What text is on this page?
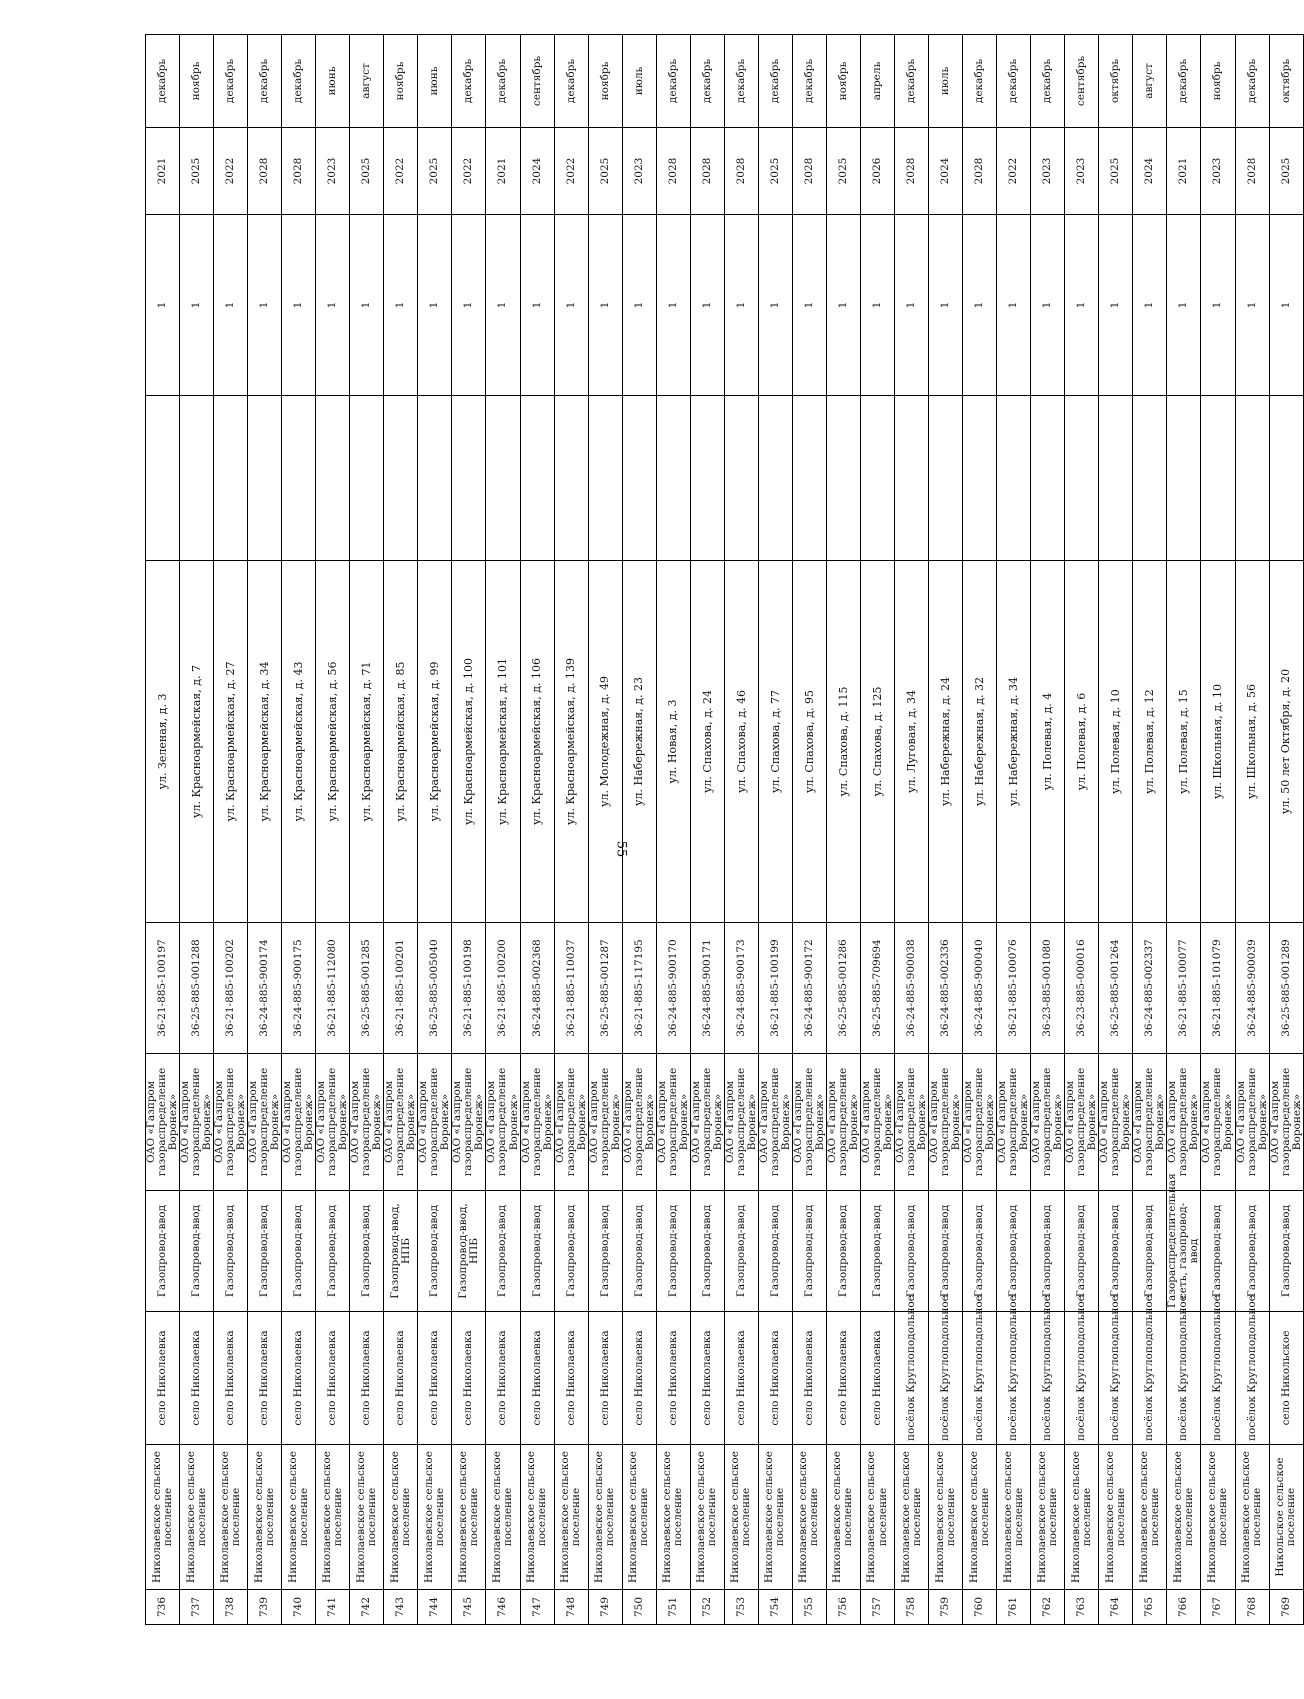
55
736	Николаевское сельское поселение	село Николаевка	Газопровод-ввод	ОАО «Газпром газораспределение Воронеж»	36-21-885-100197	ул. Зеленая, д. 3		1	2021	декабрь
737	Николаевское сельское поселение	село Николаевка	Газопровод-ввод	ОАО «Газпром газораспределение Воронеж»	36-25-885-001288	ул. Красноармейская, д. 7		1	2025	ноябрь
738	Николаевское сельское поселение	село Николаевка	Газопровод-ввод	ОАО «Газпром газораспределение Воронеж»	36-21-885-100202	ул. Красноармейская, д. 27		1	2022	декабрь
739	Николаевское сельское поселение	село Николаевка	Газопровод-ввод	ОАО «Газпром газораспределение Воронеж»	36-24-885-900174	ул. Красноармейская, д. 34		1	2028	декабрь
740	Николаевское сельское поселение	село Николаевка	Газопровод-ввод	ОАО «Газпром газораспределение Воронеж»	36-24-885-900175	ул. Красноармейская, д. 43		1	2028	декабрь
741	Николаевское сельское поселение	село Николаевка	Газопровод-ввод	ОАО «Газпром газораспределение Воронеж»	36-21-885-112080	ул. Красноармейская, д. 56		1	2023	июнь
742	Николаевское сельское поселение	село Николаевка	Газопровод-ввод	ОАО «Газпром газораспределение Воронеж»	36-25-885-001285	ул. Красноармейская, д. 71		1	2025	август
743	Николаевское сельское поселение	село Николаевка	Газопровод-ввод, НПБ	ОАО «Газпром газораспределение Воронеж»	36-21-885-100201	ул. Красноармейская, д. 85		1	2022	ноябрь
744	Николаевское сельское поселение	село Николаевка	Газопровод-ввод	ОАО «Газпром газораспределение Воронеж»	36-25-885-005040	ул. Красноармейская, д. 99		1	2025	июнь
745	Николаевское сельское поселение	село Николаевка	Газопровод-ввод, НПБ	ОАО «Газпром газораспределение Воронеж»	36-21-885-100198	ул. Красноармейская, д. 100		1	2022	декабрь
746	Николаевское сельское поселение	село Николаевка	Газопровод-ввод	ОАО «Газпром газораспределение Воронеж»	36-21-885-100200	ул. Красноармейская, д. 101		1	2021	декабрь
747	Николаевское сельское поселение	село Николаевка	Газопровод-ввод	ОАО «Газпром газораспределение Воронеж»	36-24-885-002368	ул. Красноармейская, д. 106		1	2024	сентябрь
748	Николаевское сельское поселение	село Николаевка	Газопровод-ввод	ОАО «Газпром газораспределение Воронеж»	36-21-885-110037	ул. Красноармейская, д. 139		1	2022	декабрь
749	Николаевское сельское поселение	село Николаевка	Газопровод-ввод	ОАО «Газпром газораспределение Воронеж»	36-25-885-001287	ул. Молодежная, д. 49		1	2025	ноябрь
750	Николаевское сельское поселение	село Николаевка	Газопровод-ввод	ОАО «Газпром газораспределение Воронеж»	36-21-885-117195	ул. Набережная, д. 23		1	2023	июль
751	Николаевское сельское поселение	село Николаевка	Газопровод-ввод	ОАО «Газпром газораспределение Воронеж»	36-24-885-900170	ул. Новая, д. 3		1	2028	декабрь
752	Николаевское сельское поселение	село Николаевка	Газопровод-ввод	ОАО «Газпром газораспределение Воронеж»	36-24-885-900171	ул. Спахова, д. 24		1	2028	декабрь
753	Николаевское сельское поселение	село Николаевка	Газопровод-ввод	ОАО «Газпром газораспределение Воронеж»	36-24-885-900173	ул. Спахова, д. 46		1	2028	декабрь
754	Николаевское сельское поселение	село Николаевка	Газопровод-ввод	ОАО «Газпром газораспределение Воронеж»	36-21-885-100199	ул. Спахова, д. 77		1	2025	декабрь
755	Николаевское сельское поселение	село Николаевка	Газопровод-ввод	ОАО «Газпром газораспределение Воронеж»	36-24-885-900172	ул. Спахова, д. 95		1	2028	декабрь
756	Николаевское сельское поселение	село Николаевка	Газопровод-ввод	ОАО «Газпром газораспределение Воронеж»	36-25-885-001286	ул. Спахова, д. 115		1	2025	ноябрь
757	Николаевское сельское поселение	село Николаевка	Газопровод-ввод	ОАО «Газпром газораспределение Воронеж»	36-25-885-709694	ул. Спахова, д. 125		1	2026	апрель
758	Николаевское сельское поселение	посёлок Круглоподольное	Газопровод-ввод	ОАО «Газпром газораспределение Воронеж»	36-24-885-900038	ул. Луговая, д. 34		1	2028	декабрь
759	Николаевское сельское поселение	посёлок Круглоподольное	Газопровод-ввод	ОАО «Газпром газораспределение Воронеж»	36-24-885-002336	ул. Набережная, д. 24		1	2024	июль
760	Николаевское сельское поселение	посёлок Круглоподольное	Газопровод-ввод	ОАО «Газпром газораспределение Воронеж»	36-24-885-900040	ул. Набережная, д. 32		1	2028	декабрь
761	Николаевское сельское поселение	посёлок Круглоподольное	Газопровод-ввод	ОАО «Газпром газораспределение Воронеж»	36-21-885-100076	ул. Набережная, д. 34		1	2022	декабрь
762	Николаевское сельское поселение	посёлок Круглоподольное	Газопровод-ввод	ОАО «Газпром газораспределение Воронеж»	36-23-885-001080	ул. Полевая, д. 4		1	2023	декабрь
763	Николаевское сельское поселение	посёлок Круглоподольное	Газопровод-ввод	ОАО «Газпром газораспределение Воронеж»	36-23-885-000016	ул. Полевая, д. 6		1	2023	сентябрь
764	Николаевское сельское поселение	посёлок Круглоподольное	Газопровод-ввод	ОАО «Газпром газораспределение Воронеж»	36-25-885-001264	ул. Полевая, д. 10		1	2025	октябрь
765	Николаевское сельское поселение	посёлок Круглоподольное	Газопровод-ввод	ОАО «Газпром газораспределение Воронеж»	36-24-885-002337	ул. Полевая, д. 12		1	2024	август
766	Николаевское сельское поселение	посёлок Круглоподольное	Газораспределительная сеть, газопровод-ввод	ОАО «Газпром газораспределение Воронеж»	36-21-885-100077	ул. Полевая, д. 15		1	2021	декабрь
767	Николаевское сельское поселение	посёлок Круглоподольное	Газопровод-ввод	ОАО «Газпром газораспределение Воронеж»	36-21-885-101079	ул. Школьная, д. 10		1	2023	ноябрь
768	Николаевское сельское поселение	посёлок Круглоподольное	Газопровод-ввод	ОАО «Газпром газораспределение Воронеж»	36-24-885-900039	ул. Школьная, д. 56		1	2028	декабрь
769	Никольское сельское поселение	село Никольское	Газопровод-ввод	ОАО «Газпром газораспределение Воронеж»	36-25-885-001289	ул. 50 лет Октября, д. 20		1	2025	октябрь
